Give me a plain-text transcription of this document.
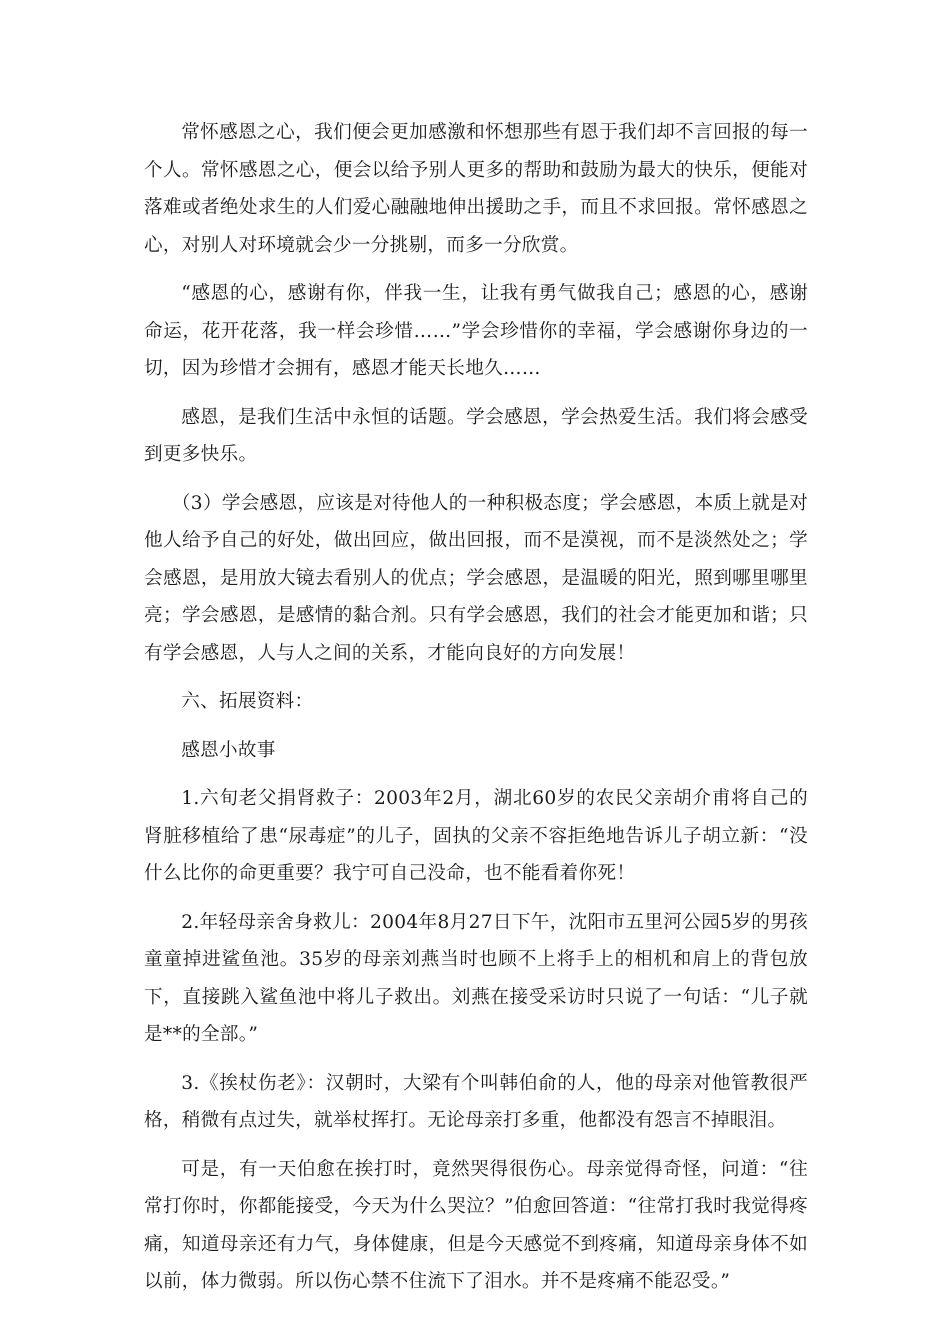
常怀感恩之心，我们便会更加感激和怀想那些有恩于我们却不言回报的每一个人。常怀感恩之心，便会以给予别人更多的帮助和鼓励为最大的快乐，便能对落难或者绝处求生的人们爱心融融地伸出援助之手，而且不求回报。常怀感恩之心，对别人对环境就会少一分挑剔，而多一分欣赏。

“感恩的心，感谢有你，伴我一生，让我有勇气做我自己；感恩的心，感谢命运，花开花落，我一样会珍惜……”学会珍惜你的幸福，学会感谢你身边的一切，因为珍惜才会拥有，感恩才能天长地久……

感恩，是我们生活中永恒的话题。学会感恩，学会热爱生活。我们将会感受到更多快乐。

（3）学会感恩，应该是对待他人的一种积极态度；学会感恩，本质上就是对他人给予自己的好处，做出回应，做出回报，而不是漠视，而不是淡然处之；学会感恩，是用放大镜去看别人的优点；学会感恩，是温暖的阳光，照到哪里哪里亮；学会感恩，是感情的黏合剂。只有学会感恩，我们的社会才能更加和谐；只有学会感恩，人与人之间的关系，才能向良好的方向发展！

六、拓展资料：

感恩小故事

1.六旬老父捐肾救子：2003年2月，湖北60岁的农民父亲胡介甫将自己的肾脏移植给了患“尿毒症”的儿子，固执的父亲不容拒绝地告诉儿子胡立新：“没什么比你的命更重要？我宁可自己没命，也不能看着你死！

2.年轻母亲舍身救儿：2004年8月27日下午，沈阳市五里河公园5岁的男孩童童掉进鲨鱼池。35岁的母亲刘燕当时也顾不上将手上的相机和肩上的背包放下，直接跳入鲨鱼池中将儿子救出。刘燕在接受采访时只说了一句话：“儿子就是**的全部。”

3.《挨杖伤老》：汉朝时，大梁有个叫韩伯俞的人，他的母亲对他管教很严格，稍微有点过失，就举杖挥打。无论母亲打多重，他都没有怨言不掉眼泪。

可是，有一天伯愈在挨打时，竟然哭得很伤心。母亲觉得奇怪，问道：“往常打你时，你都能接受，今天为什么哭泣？”伯愈回答道：“往常打我时我觉得疼痛，知道母亲还有力气，身体健康，但是今天感觉不到疼痛，知道母亲身体不如以前，体力微弱。所以伤心禁不住流下了泪水。并不是疼痛不能忍受。”
